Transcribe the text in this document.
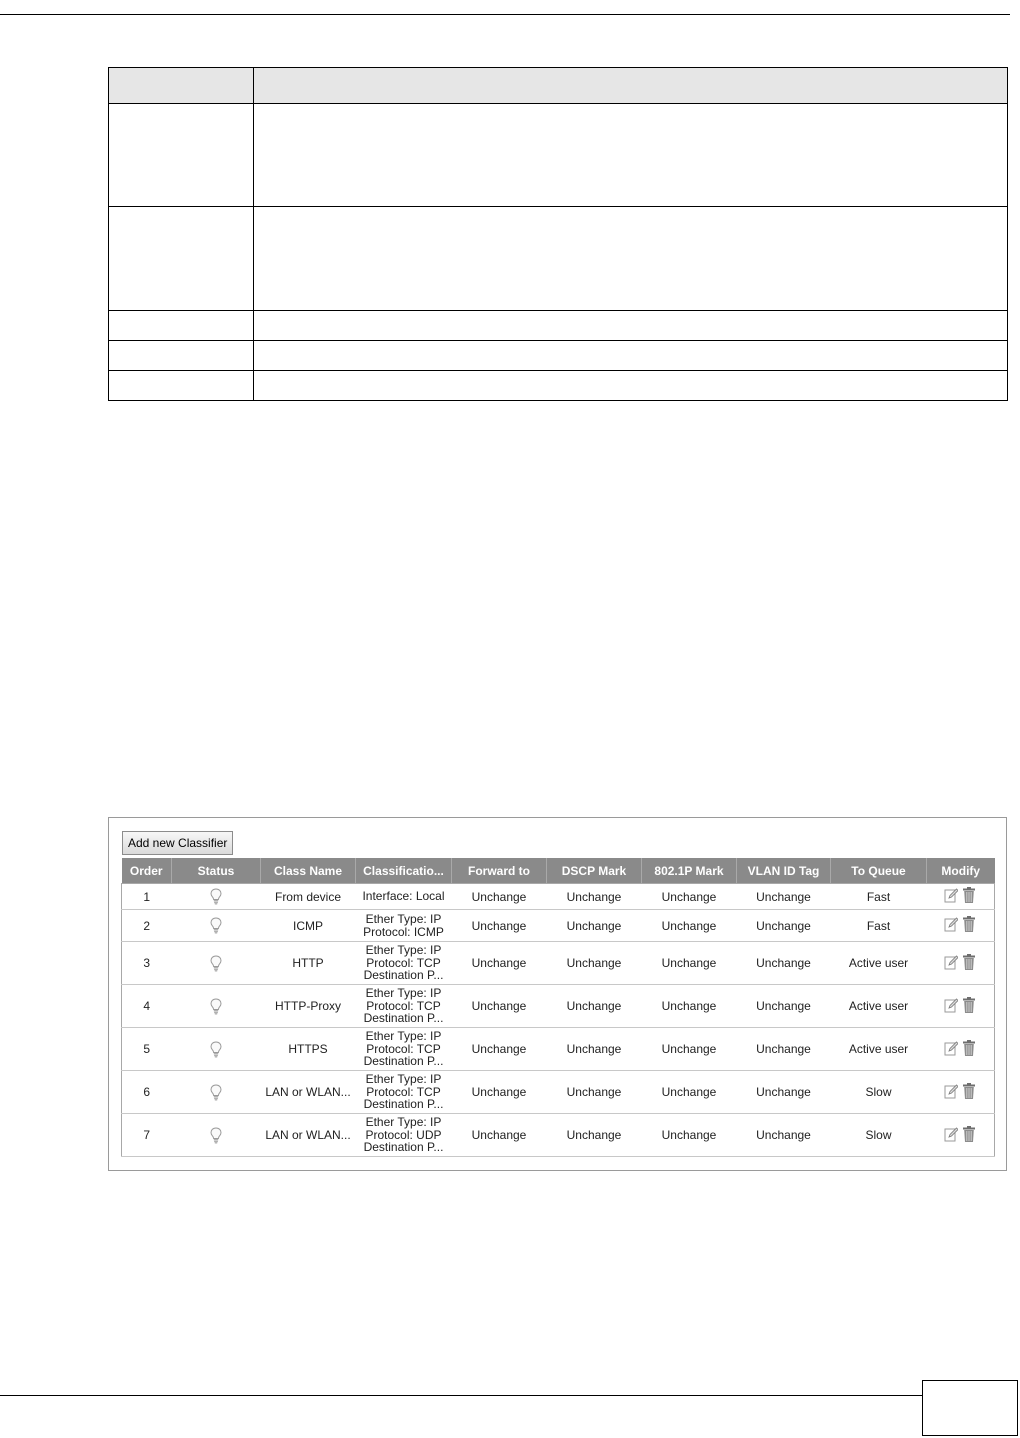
Add new Classifier
Order	Status	Class Name	Classificatio...	Forward to	DSCP Mark	802.1P Mark	VLAN ID Tag	To Queue	Modify
1		From device	Interface: Local	Unchange	Unchange	Unchange	Unchange	Fast	

2		ICMP	Ether Type: IP
Protocol: ICMP	Unchange	Unchange	Unchange	Unchange	Fast	

3		HTTP	Ether Type: IP
Protocol: TCP
Destination P...	Unchange	Unchange	Unchange	Unchange	Active user	

4		HTTP-Proxy	Ether Type: IP
Protocol: TCP
Destination P...	Unchange	Unchange	Unchange	Unchange	Active user	

5		HTTPS	Ether Type: IP
Protocol: TCP
Destination P...	Unchange	Unchange	Unchange	Unchange	Active user	

6		LAN or WLAN...	Ether Type: IP
Protocol: TCP
Destination P...	Unchange	Unchange	Unchange	Unchange	Slow	

7		LAN or WLAN...	Ether Type: IP
Protocol: UDP
Destination P...	Unchange	Unchange	Unchange	Unchange	Slow	
